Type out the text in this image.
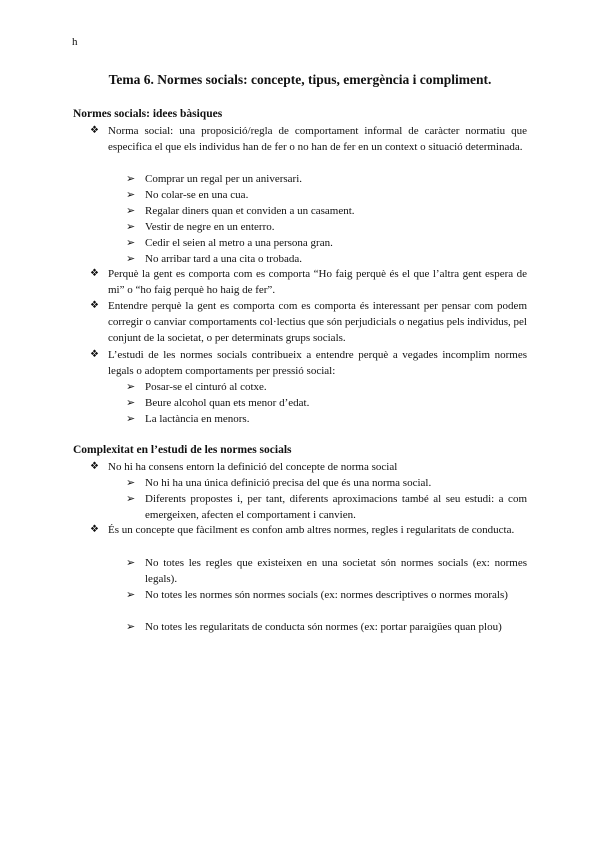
h
Tema 6. Normes socials: concepte, tipus, emergència i compliment.
Normes socials: idees bàsiques
❖ Norma social: una proposició/regla de comportament informal de caràcter normatiu que especifica el que els individus han de fer o no han de fer en un context o situació determinada.
➢ Comprar un regal per un aniversari.
➢ No colar-se en una cua.
➢ Regalar diners quan et conviden a un casament.
➢ Vestir de negre en un enterro.
➢ Cedir el seien al metro a una persona gran.
➢ No arribar tard a una cita o trobada.
❖ Perquè la gent es comporta com es comporta “Ho faig perquè és el que l’altra gent espera de mi” o “ho faig perquè ho haig de fer”.
❖ Entendre perquè la gent es comporta com es comporta és interessant per pensar com podem corregir o canviar comportaments col·lectius que són perjudicials o negatius pels individus, pel conjunt de la societat, o per determinats grups socials.
❖ L’estudi de les normes socials contribueix a entendre perquè a vegades incomplim normes legals o adoptem comportaments per pressió social:
➢ Posar-se el cinturó al cotxe.
➢ Beure alcohol quan ets menor d’edat.
➢ La lactància en menors.
Complexitat en l’estudi de les normes socials
❖ No hi ha consens entorn la definició del concepte de norma social
➢ No hi ha una única definició precisa del que és una norma social.
➢ Diferents propostes i, per tant, diferents aproximacions també al seu estudi: a com emergeixen, afecten el comportament i canvien.
❖ És un concepte que fàcilment es confon amb altres normes, regles i regularitats de conducta.
➢ No totes les regles que existeixen en una societat són normes socials (ex: normes legals).
➢ No totes les normes són normes socials (ex: normes descriptives o normes morals)
➢ No totes les regularitats de conducta són normes (ex: portar paraigües quan plou)
